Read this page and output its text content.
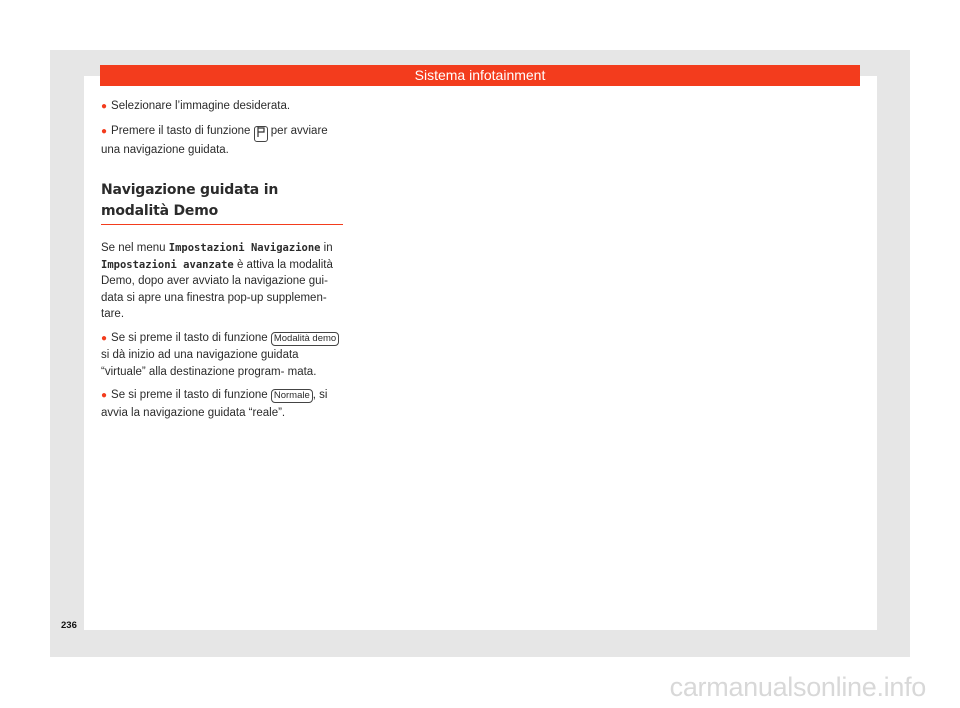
Sistema infotainment

● Selezionare l’immagine desiderata.

● Premere il tasto di funzione  per avviare una navigazione guidata.

Navigazione guidata in modalità Demo

Se nel menu Impostazioni Navigazione in Impostazioni avanzate è attiva la modalità Demo, dopo aver avviato la navigazione gui- data si apre una finestra pop-up supplemen- tare.

● Se si preme il tasto di funzione Modalità demo si dà inizio ad una navigazione guidata “virtuale” alla destinazione program- mata.

● Se si preme il tasto di funzione Normale , si avvia la navigazione guidata “reale”.

236
carmanualsonline.info
